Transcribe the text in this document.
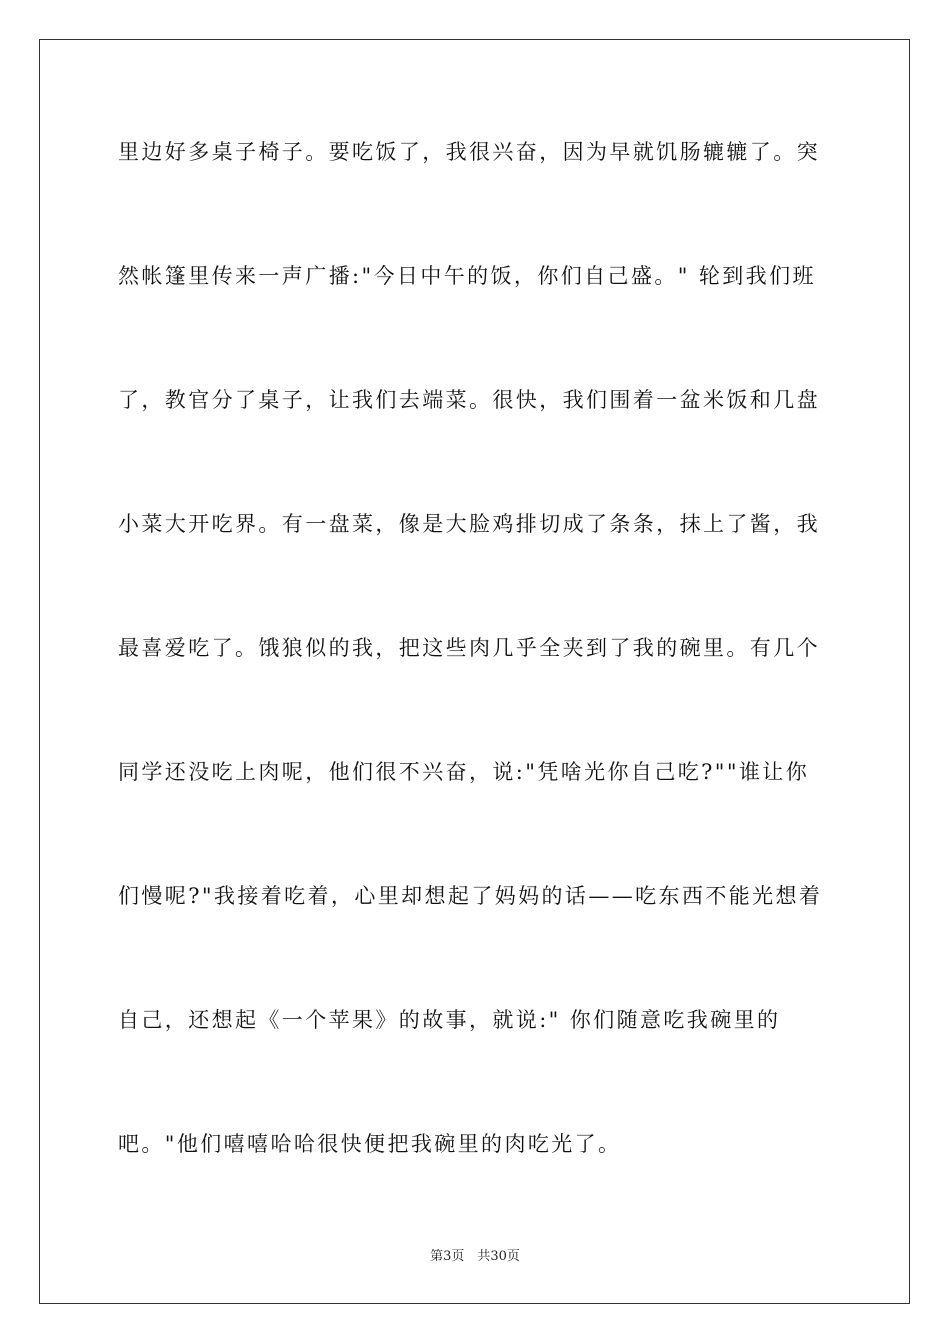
里边好多桌子椅子。要吃饭了，我很兴奋，因为早就饥肠辘辘了。突
然帐篷里传来一声广播:"今日中午的饭，你们自己盛。" 轮到我们班
了，教官分了桌子，让我们去端菜。很快，我们围着一盆米饭和几盘
小菜大开吃界。有一盘菜，像是大脸鸡排切成了条条，抹上了酱，我
最喜爱吃了。饿狼似的我，把这些肉几乎全夹到了我的碗里。有几个
同学还没吃上肉呢，他们很不兴奋，说:"凭啥光你自己吃?""谁让你
们慢呢?"我接着吃着，心里却想起了妈妈的话——吃东西不能光想着
自己，还想起《一个苹果》的故事，就说:" 你们随意吃我碗里的
吧。"他们嘻嘻哈哈很快便把我碗里的肉吃光了。
第3页　共30页
